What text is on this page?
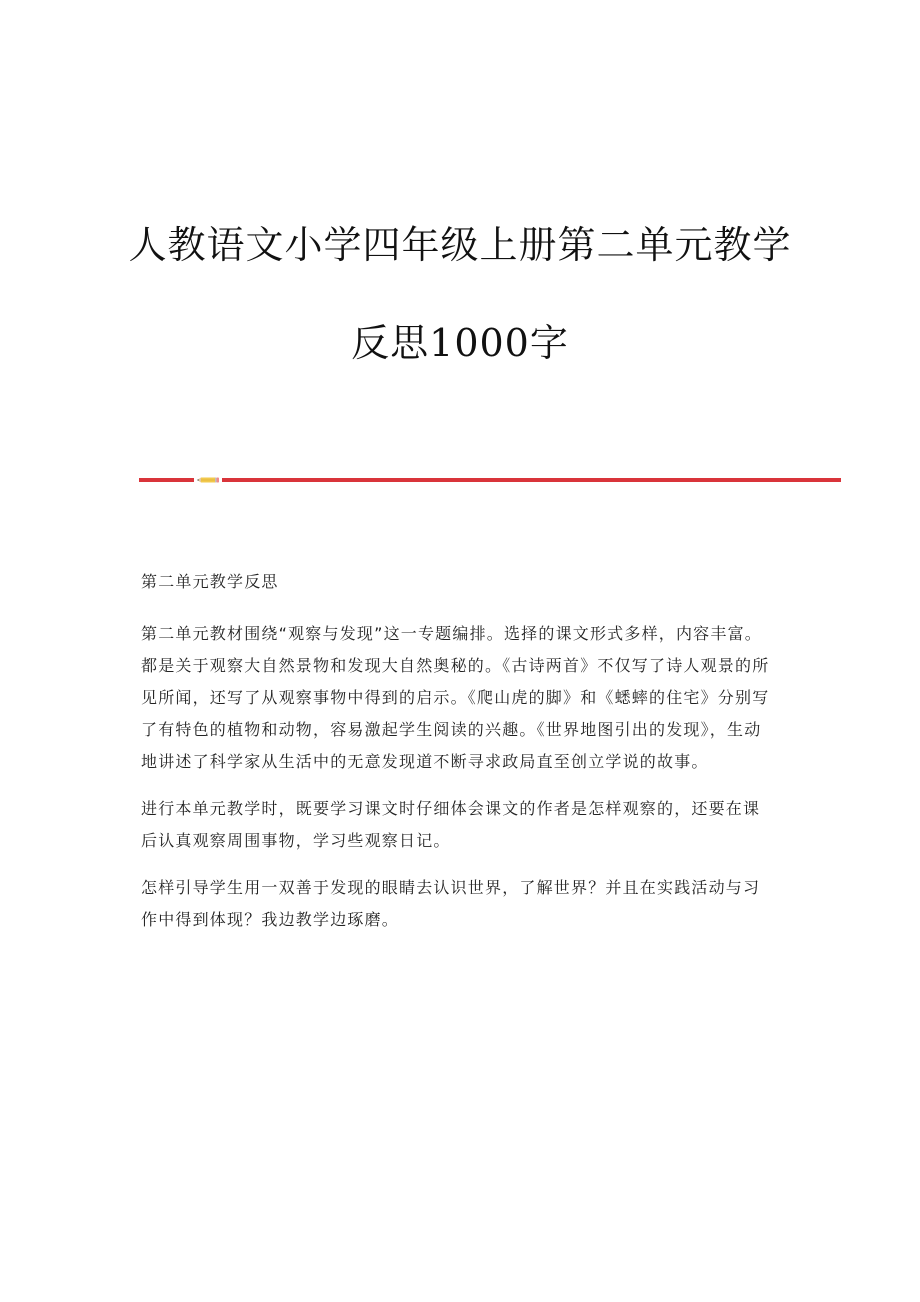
人教语文小学四年级上册第二单元教学
反思1000字

第二单元教学反思

第二单元教材围绕“观察与发现”这一专题编排。选择的课文形式多样，内容丰富。都是关于观察大自然景物和发现大自然奥秘的。《古诗两首》不仅写了诗人观景的所见所闻，还写了从观察事物中得到的启示。《爬山虎的脚》和《蟋蟀的住宅》分别写了有特色的植物和动物，容易激起学生阅读的兴趣。《世界地图引出的发现》，生动地讲述了科学家从生活中的无意发现道不断寻求政局直至创立学说的故事。

进行本单元教学时，既要学习课文时仔细体会课文的作者是怎样观察的，还要在课后认真观察周围事物，学习些观察日记。

怎样引导学生用一双善于发现的眼睛去认识世界，了解世界？并且在实践活动与习作中得到体现？我边教学边琢磨。
